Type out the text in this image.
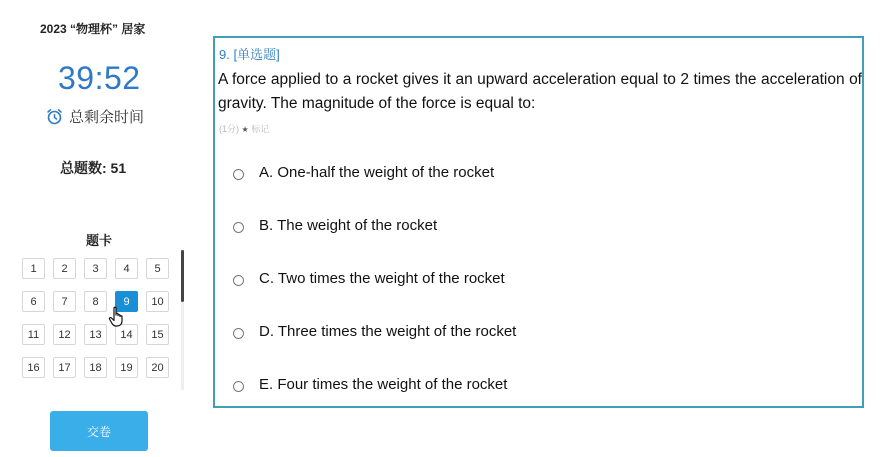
2023 “物理杯” 居家
39:52
总剩余时间
总题数: 51
题卡
1	2	3	4	5
6	7	8	9	10
11	12	13	14	15
16	17	18	19	20
交卷
9. [单选题]

A force applied to a rocket gives it an upward acceleration equal to 2 times the acceleration of gravity. The magnitude of the force is equal to:

(1分) ★ 标记
A. One-half the weight of the rocket
B. The weight of the rocket
C. Two times the weight of the rocket
D. Three times the weight of the rocket
E. Four times the weight of the rocket
